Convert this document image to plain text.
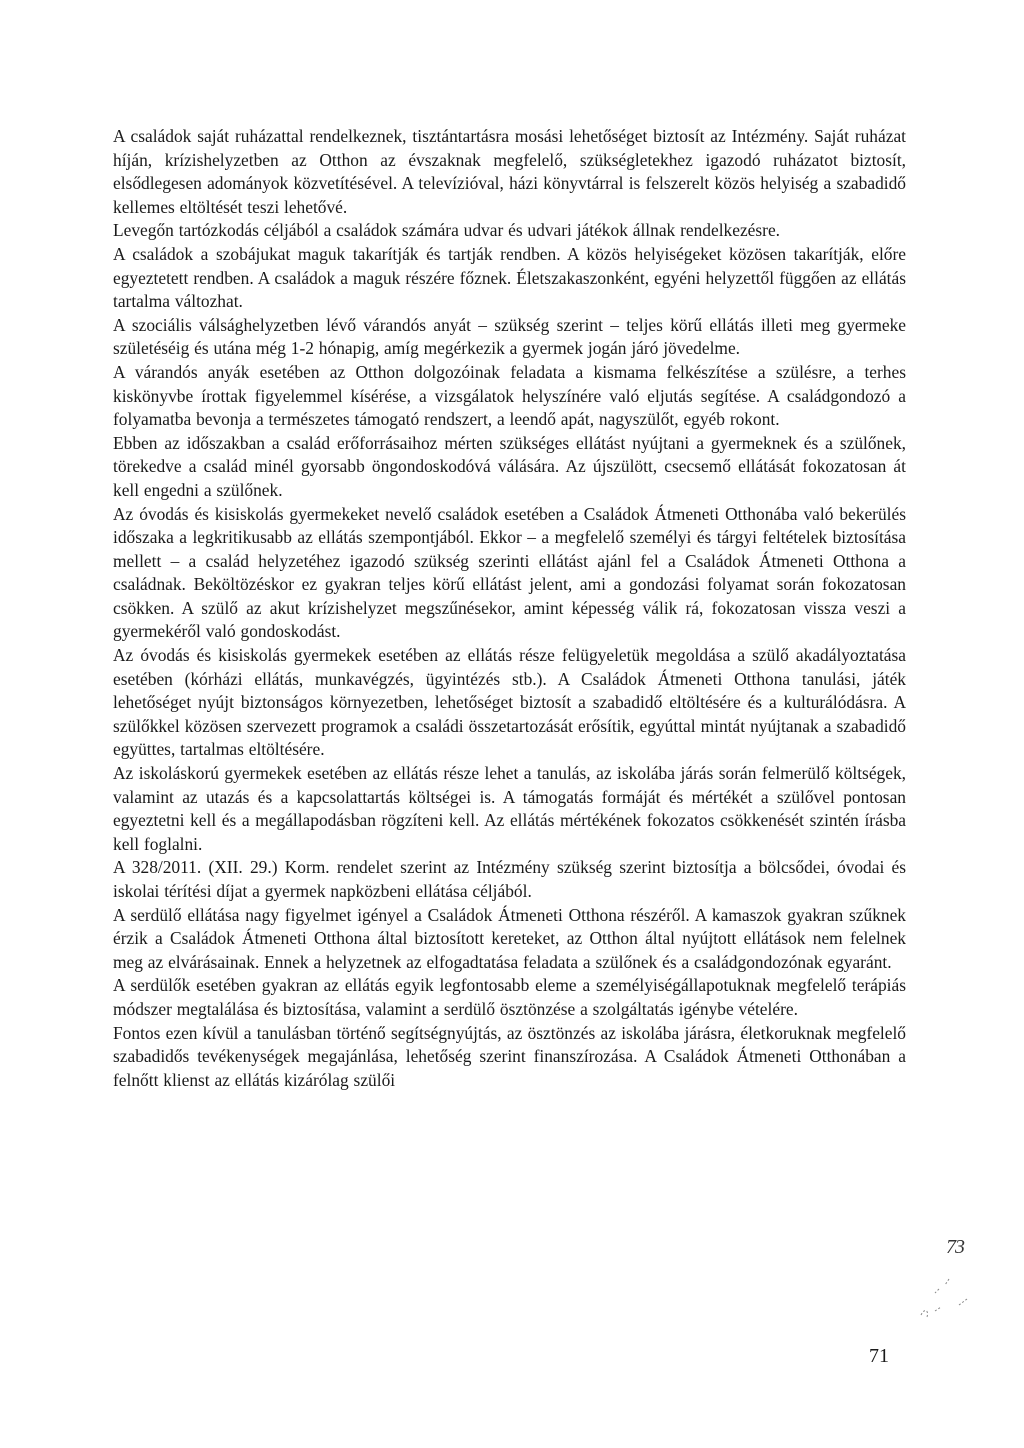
A családok saját ruházattal rendelkeznek, tisztántartásra mosási lehetőséget biztosít az Intézmény. Saját ruházat híján, krízishelyzetben az Otthon az évszaknak megfelelő, szükségletekhez igazodó ruházatot biztosít, elsődlegesen adományok közvetítésével. A televízióval, házi könyvtárral is felszerelt közös helyiség a szabadidő kellemes eltöltését teszi lehetővé.

Levegőn tartózkodás céljából a családok számára udvar és udvari játékok állnak rendelkezésre.

A családok a szobájukat maguk takarítják és tartják rendben. A közös helyiségeket közösen takarítják, előre egyeztetett rendben. A családok a maguk részére főznek. Életszakaszonként, egyéni helyzettől függően az ellátás tartalma változhat.

A szociális válsághelyzetben lévő várandós anyát – szükség szerint – teljes körű ellátás illeti meg gyermeke születéséig és utána még 1-2 hónapig, amíg megérkezik a gyermek jogán járó jövedelme.

A várandós anyák esetében az Otthon dolgozóinak feladata a kismama felkészítése a szülésre, a terhes kiskönyvbe írottak figyelemmel kísérése, a vizsgálatok helyszínére való eljutás segítése. A családgondozó a folyamatba bevonja a természetes támogató rendszert, a leendő apát, nagyszülőt, egyéb rokont.

Ebben az időszakban a család erőforrásaihoz mérten szükséges ellátást nyújtani a gyermeknek és a szülőnek, törekedve a család minél gyorsabb öngondoskodóvá válására. Az újszülött, csecsemő ellátását fokozatosan át kell engedni a szülőnek.

Az óvodás és kisiskolás gyermekeket nevelő családok esetében a Családok Átmeneti Otthonába való bekerülés időszaka a legkritikusabb az ellátás szempontjából. Ekkor – a megfelelő személyi és tárgyi feltételek biztosítása mellett – a család helyzetéhez igazodó szükség szerinti ellátást ajánl fel a Családok Átmeneti Otthona a családnak. Beköltözéskor ez gyakran teljes körű ellátást jelent, ami a gondozási folyamat során fokozatosan csökken. A szülő az akut krízishelyzet megszűnésekor, amint képesség válik rá, fokozatosan vissza veszi a gyermekéről való gondoskodást.

Az óvodás és kisiskolás gyermekek esetében az ellátás része felügyeletük megoldása a szülő akadályoztatása esetében (kórházi ellátás, munkavégzés, ügyintézés stb.). A Családok Átmeneti Otthona tanulási, játék lehetőséget nyújt biztonságos környezetben, lehetőséget biztosít a szabadidő eltöltésére és a kulturálódásra. A szülőkkel közösen szervezett programok a családi összetartozását erősítik, egyúttal mintát nyújtanak a szabadidő együttes, tartalmas eltöltésére.

Az iskoláskorú gyermekek esetében az ellátás része lehet a tanulás, az iskolába járás során felmerülő költségek, valamint az utazás és a kapcsolattartás költségei is. A támogatás formáját és mértékét a szülővel pontosan egyeztetni kell és a megállapodásban rögzíteni kell. Az ellátás mértékének fokozatos csökkenését szintén írásba kell foglalni.

A 328/2011. (XII. 29.) Korm. rendelet szerint az Intézmény szükség szerint biztosítja a bölcsődei, óvodai és iskolai térítési díjat a gyermek napközbeni ellátása céljából.

A serdülő ellátása nagy figyelmet igényel a Családok Átmeneti Otthona részéről. A kamaszok gyakran szűknek érzik a Családok Átmeneti Otthona által biztosított kereteket, az Otthon által nyújtott ellátások nem felelnek meg az elvárásainak. Ennek a helyzetnek az elfogadtatása feladata a szülőnek és a családgondozónak egyaránt.

A serdülők esetében gyakran az ellátás egyik legfontosabb eleme a személyiségállapotuknak megfelelő terápiás módszer megtalálása és biztosítása, valamint a serdülő ösztönzése a szolgáltatás igénybe vételére.

Fontos ezen kívül a tanulásban történő segítségnyújtás, az ösztönzés az iskolába járásra, életkoruknak megfelelő szabadidős tevékenységek megajánlása, lehetőség szerint finanszírozása. A Családok Átmeneti Otthonában a felnőtt klienst az ellátás kizárólag szülői

73
71
